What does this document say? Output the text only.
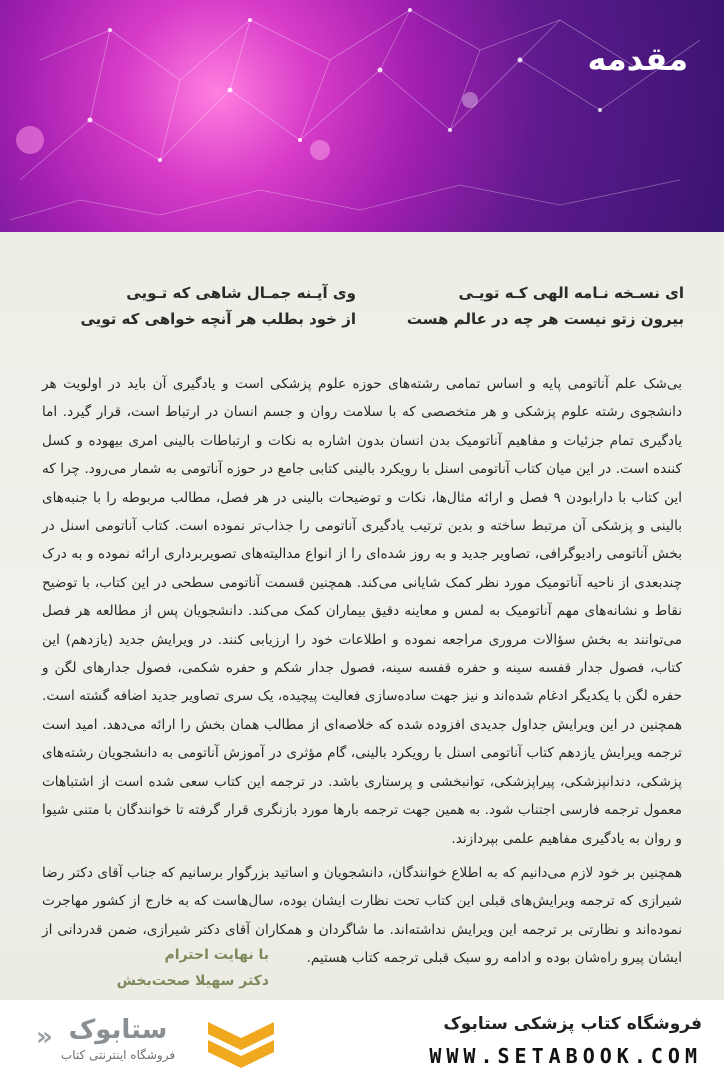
مقدمه
ای نسـخه نـامه الهی کـه تویـی
بیرون زتو نیست هر چه در عالم هست
وی آیـنه جمـال شاهی که تـویی
از خود بطلب هر آنچه خواهی که تویی

بی‌شک علم آناتومی پایه و اساس تمامی رشته‌های حوزه علوم پزشکی است و یادگیری آن باید در اولویت هر دانشجوی رشته علوم پزشکی و هر متخصصی که با سلامت روان و جسم انسان در ارتباط است، قرار گیرد. اما یادگیری تمام جزئیات و مفاهیم آناتومیک بدن انسان بدون اشاره به نکات و ارتباطات بالینی امری بیهوده و کسل کننده است. در این میان کتاب آناتومی اسنل با رویکرد بالینی کتابی جامع در حوزه آناتومی به شمار می‌رود. چرا که این کتاب با دارابودن ۹ فصل و ارائه مثال‌ها، نکات و توضیحات بالینی در هر فصل، مطالب مربوطه را با جنبه‌های بالینی و پزشکی آن مرتبط ساخته و بدین ترتیب یادگیری آناتومی را جذاب‌تر نموده است. کتاب آناتومی اسنل در بخش آناتومی رادیوگرافی، تصاویر جدید و به روز شده‌ای را از انواع مدالیته‌های تصویربرداری ارائه نموده و به درک چندبعدی از ناحیه آناتومیک مورد نظر کمک شایانی می‌کند. همچنین قسمت آناتومی سطحی در این کتاب، با توضیح نقاط و نشانه‌های مهم آناتومیک به لمس و معاینه دقیق بیماران کمک می‌کند. دانشجویان پس از مطالعه هر فصل می‌توانند به بخش سؤالات مروری مراجعه نموده و اطلاعات خود را ارزیابی کنند. در ویرایش جدید (یازدهم) این کتاب، فصول جدار قفسه سینه و حفره قفسه سینه، فصول جدار شکم و حفره شکمی، فصول جدارهای لگن و حفره لگن با یکدیگر ادغام شده‌اند و نیز جهت ساده‌سازی فعالیت پیچیده، یک سری تصاویر جدید اضافه گشته است. همچنین در این ویرایش جداول جدیدی افزوده شده که خلاصه‌ای از مطالب همان بخش را ارائه می‌دهد. امید است ترجمه ویرایش یازدهم کتاب آناتومی اسنل با رویکرد بالینی، گام مؤثری در آموزش آناتومی به دانشجویان رشته‌های پزشکی، دندانپزشکی، پیراپزشکی، توانبخشی و پرستاری باشد. در ترجمه این کتاب سعی شده است از اشتباهات معمول ترجمه فارسی اجتناب شود. به همین جهت ترجمه بارها مورد بازنگری قرار گرفته تا خوانندگان با متنی شیوا و روان به یادگیری مفاهیم علمی بپردازند.

همچنین بر خود لازم می‌دانیم که به اطلاع خوانندگان، دانشجویان و اساتید بزرگوار برسانیم که جناب آقای دکتر رضا شیرازی که ترجمه ویرایش‌های قبلی این کتاب تحت نظارت ایشان بوده، سال‌هاست که به خارج از کشور مهاجرت نموده‌اند و نظارتی بر ترجمه این ویرایش نداشته‌اند. ما شاگردان و همکاران آقای دکتر شیرازی، ضمن قدردانی از ایشان پیرو راه‌شان بوده و ادامه رو سبک قبلی ترجمه کتاب هستیم.

با نهایت احترام
دکتر سهیلا صحت‌بخش
فروشگاه کتاب پزشکی ستابوک
WWW.SETABOOK.COM
« ستابوک
فروشگاه اینترنتی کتاب
